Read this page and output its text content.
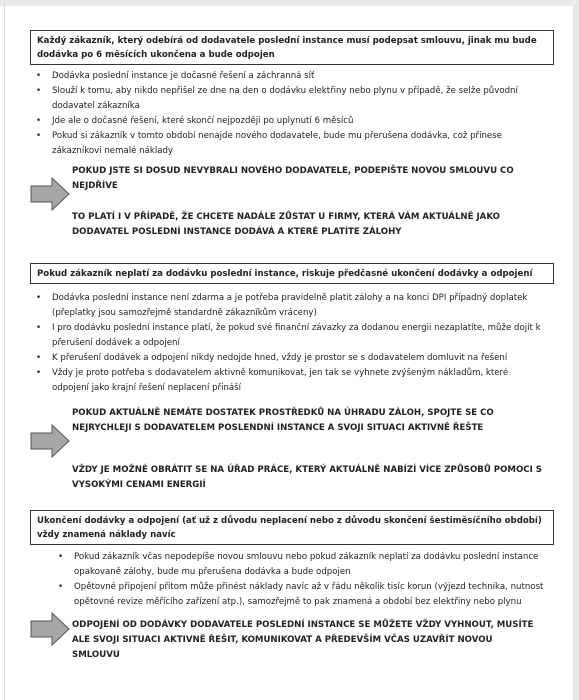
Každý zákazník, který odebírá od dodavatele poslední instance musí podepsat smlouvu, jinak mu bude dodávka po 6 měsících ukončena a bude odpojen
• Dodávka poslední instance je dočasné řešení a záchranná síť
• Slouží k tomu, aby nikdo nepřišel ze dne na den o dodávku elektřiny nebo plynu v případě, že selže původní dodavatel zákazníka
• Jde ale o dočasné řešení, které skončí nejpozději po uplynutí 6 měsíců
• Pokud si zákazník v tomto období nenajde nového dodavatele, bude mu přerušena dodávka, což přinese zákazníkovi nemalé náklady
POKUD JSTE SI DOSUD NEVYBRALI NOVÉHO DODAVATELE, PODEPIŠTE NOVOU SMLOUVU CO NEJDŘÍVE
TO PLATÍ I V PŘÍPADĚ, ŽE CHCETE NADÁLE ZŮSTAT U FIRMY, KTERÁ VÁM AKTUÁLNĚ JAKO DODAVATEL POSLEDNÍ INSTANCE DODÁVÁ A KTERÉ PLATÍTE ZÁLOHY
Pokud zákazník neplatí za dodávku poslední instance, riskuje předčasné ukončení dodávky a odpojení
• Dodávka poslední instance není zdarma a je potřeba pravidelně platit zálohy a na konci DPI případný doplatek (přeplatky jsou samozřejmě standardně zákazníkům vráceny)
• I pro dodávku poslední instance platí, že pokud své finanční závazky za dodanou energii nezaplatíte, může dojít k přerušení dodávek a odpojení
• K přerušení dodávek a odpojení nikdy nedojde hned, vždy je prostor se s dodavatelem domluvit na řešení
• Vždy je proto potřeba s dodavatelem aktivně komunikovat, jen tak se vyhnete zvýšeným nákladům, které odpojení jako krajní řešení neplacení přináší
POKUD AKTUÁLNĚ NEMÁTE DOSTATEK PROSTŘEDKŮ NA ÚHRADU ZÁLOH, SPOJTE SE CO NEJRYCHLEJI S DODAVATELEM POSLENDNÍ INSTANCE A SVOJI SITUACI AKTIVNĚ ŘEŠTE
VŽDY JE MOŽNÉ OBRÁTIT SE NA ÚŘAD PRÁCE, KTERÝ AKTUÁLNĚ NABÍZÍ VÍCE ZPŮSOBŮ POMOCI S VYSOKÝMI CENAMI ENERGIÍ
Ukončení dodávky a odpojení (ať už z důvodu neplacení nebo z důvodu skončení šestiměsíčního období) vždy znamená náklady navíc
• Pokud zákazník včas nepodepíše novou smlouvu nebo pokud zákazník neplatí za dodávku poslední instance opakovaně zálohy, bude mu přerušena dodávka a bude odpojen
• Opětovné připojení přitom může přinést náklady navíc až v řádu několik tisíc korun (výjezd technika, nutnost opětovné revize měřícího zařízení atp.), samozřejmě to pak znamená a období bez elektřiny nebo plynu
ODPOJENÍ OD DODÁVKY DODAVATELE POSLEDNÍ INSTANCE SE MŮŽETE VŽDY VYHNOUT, MUSÍTE ALE SVOJI SITUACI AKTIVNĚ ŘEŠIT, KOMUNIKOVAT A PŘEDEVŠÍM VČAS UZAVŘÍT NOVOU SMLOUVU
